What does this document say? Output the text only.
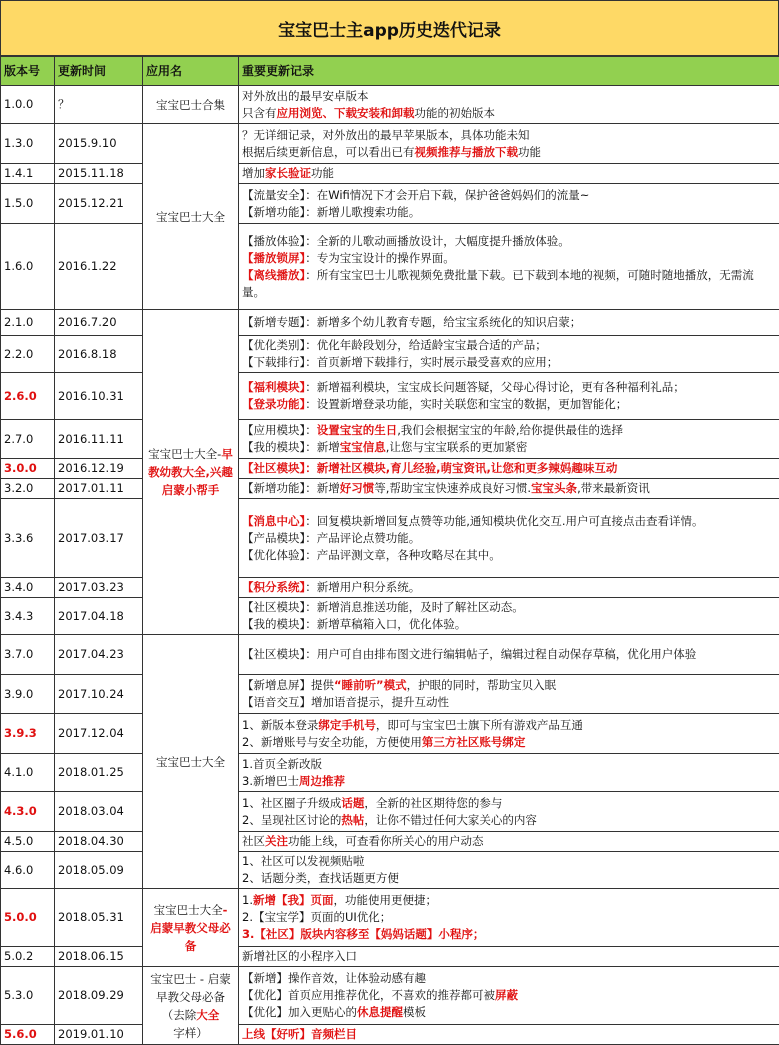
宝宝巴士主app历史迭代记录
版本号	更新时间	应用名	重要更新记录
1.0.0	？	宝宝巴士合集	对外放出的最早安卓版本
只含有应用浏览、下载安装和卸载功能的初始版本

1.3.0	2015.9.10	宝宝巴士大全	？无详细记录，对外放出的最早苹果版本，具体功能未知
根据后续更新信息，可以看出已有视频推荐与播放下载功能

1.4.1	2015.11.18		增加家长验证功能

1.5.0	2015.12.21		【流量安全】：在Wifi情况下才会开启下载，保护爸爸妈妈们的流量~
【新增功能】：新增儿歌搜索功能。

1.6.0	2016.1.22		【播放体验】：全新的儿歌动画播放设计，大幅度提升播放体验。
【播放锁屏】：专为宝宝设计的操作界面。
【离线播放】：所有宝宝巴士儿歌视频免费批量下载。已下载到本地的视频，可随时随地播放，无需流量。

2.1.0	2016.7.20	宝宝巴士大全-早教幼教大全,兴趣启蒙小帮手	【新增专题】：新增多个幼儿教育专题，给宝宝系统化的知识启蒙；

2.2.0	2016.8.18		【优化类别】：优化年龄段划分，给适龄宝宝最合适的产品；
【下载排行】：首页新增下载排行，实时展示最受喜欢的应用；

2.6.0	2016.10.31		【福利模块】：新增福利模块，宝宝成长问题答疑，父母心得讨论，更有各种福利礼品；
【登录功能】：设置新增登录功能，实时关联您和宝宝的数据，更加智能化；

2.7.0	2016.11.11		【应用模块】：设置宝宝的生日,我们会根据宝宝的年龄,给你提供最佳的选择
【我的模块】：新增宝宝信息,让您与宝宝联系的更加紧密

3.0.0	2016.12.19		【社区模块】：新增社区模块,育儿经验,萌宝资讯,让您和更多辣妈趣味互动

3.2.0	2017.01.11		【新增功能】：新增好习惯等,帮助宝宝快速养成良好习惯.宝宝头条,带来最新资讯

3.3.6	2017.03.17		【消息中心】：回复模块新增回复点赞等功能,通知模块优化交互.用户可直接点击查看详情。
【产品模块】：产品评论点赞功能。
【优化体验】：产品评测文章，各种攻略尽在其中。

3.4.0	2017.03.23		【积分系统】：新增用户积分系统。

3.4.3	2017.04.18		【社区模块】：新增消息推送功能，及时了解社区动态。
【我的模块】：新增草稿箱入口，优化体验。

3.7.0	2017.04.23	宝宝巴士大全	【社区模块】：用户可自由排布图文进行编辑帖子，编辑过程自动保存草稿，优化用户体验

3.9.0	2017.10.24		【新增息屏】提供“睡前听”模式，护眼的同时，帮助宝贝入眠
【语音交互】增加语音提示，提升互动性

3.9.3	2017.12.04		1、新版本登录绑定手机号，即可与宝宝巴士旗下所有游戏产品互通
2、新增账号与安全功能，方便使用第三方社区账号绑定

4.1.0	2018.01.25		1.首页全新改版
3.新增巴士周边推荐

4.3.0	2018.03.04		1、社区圈子升级成话题，全新的社区期待您的参与
2、呈现社区讨论的热帖，让你不错过任何大家关心的内容

4.5.0	2018.04.30		社区关注功能上线，可查看你所关心的用户动态

4.6.0	2018.05.09		1、社区可以发视频贴啦
2、话题分类，查找话题更方便

5.0.0	2018.05.31	宝宝巴士大全- 启蒙早教父母必备	1.新增【我】页面，功能使用更便捷；
2.【宝宝学】页面的UI优化；
3.【社区】版块内容移至【妈妈话题】小程序；

5.0.2	2018.06.15		新增社区的小程序入口

5.3.0	2018.09.29	宝宝巴士 - 启蒙早教父母必备（去除大全字样）	【新增】操作音效，让体验动感有趣
【优化】首页应用推荐优化，不喜欢的推荐都可被屏蔽
【优化】加入更贴心的休息提醒模板

5.6.0	2019.01.10		上线【好听】音频栏目
